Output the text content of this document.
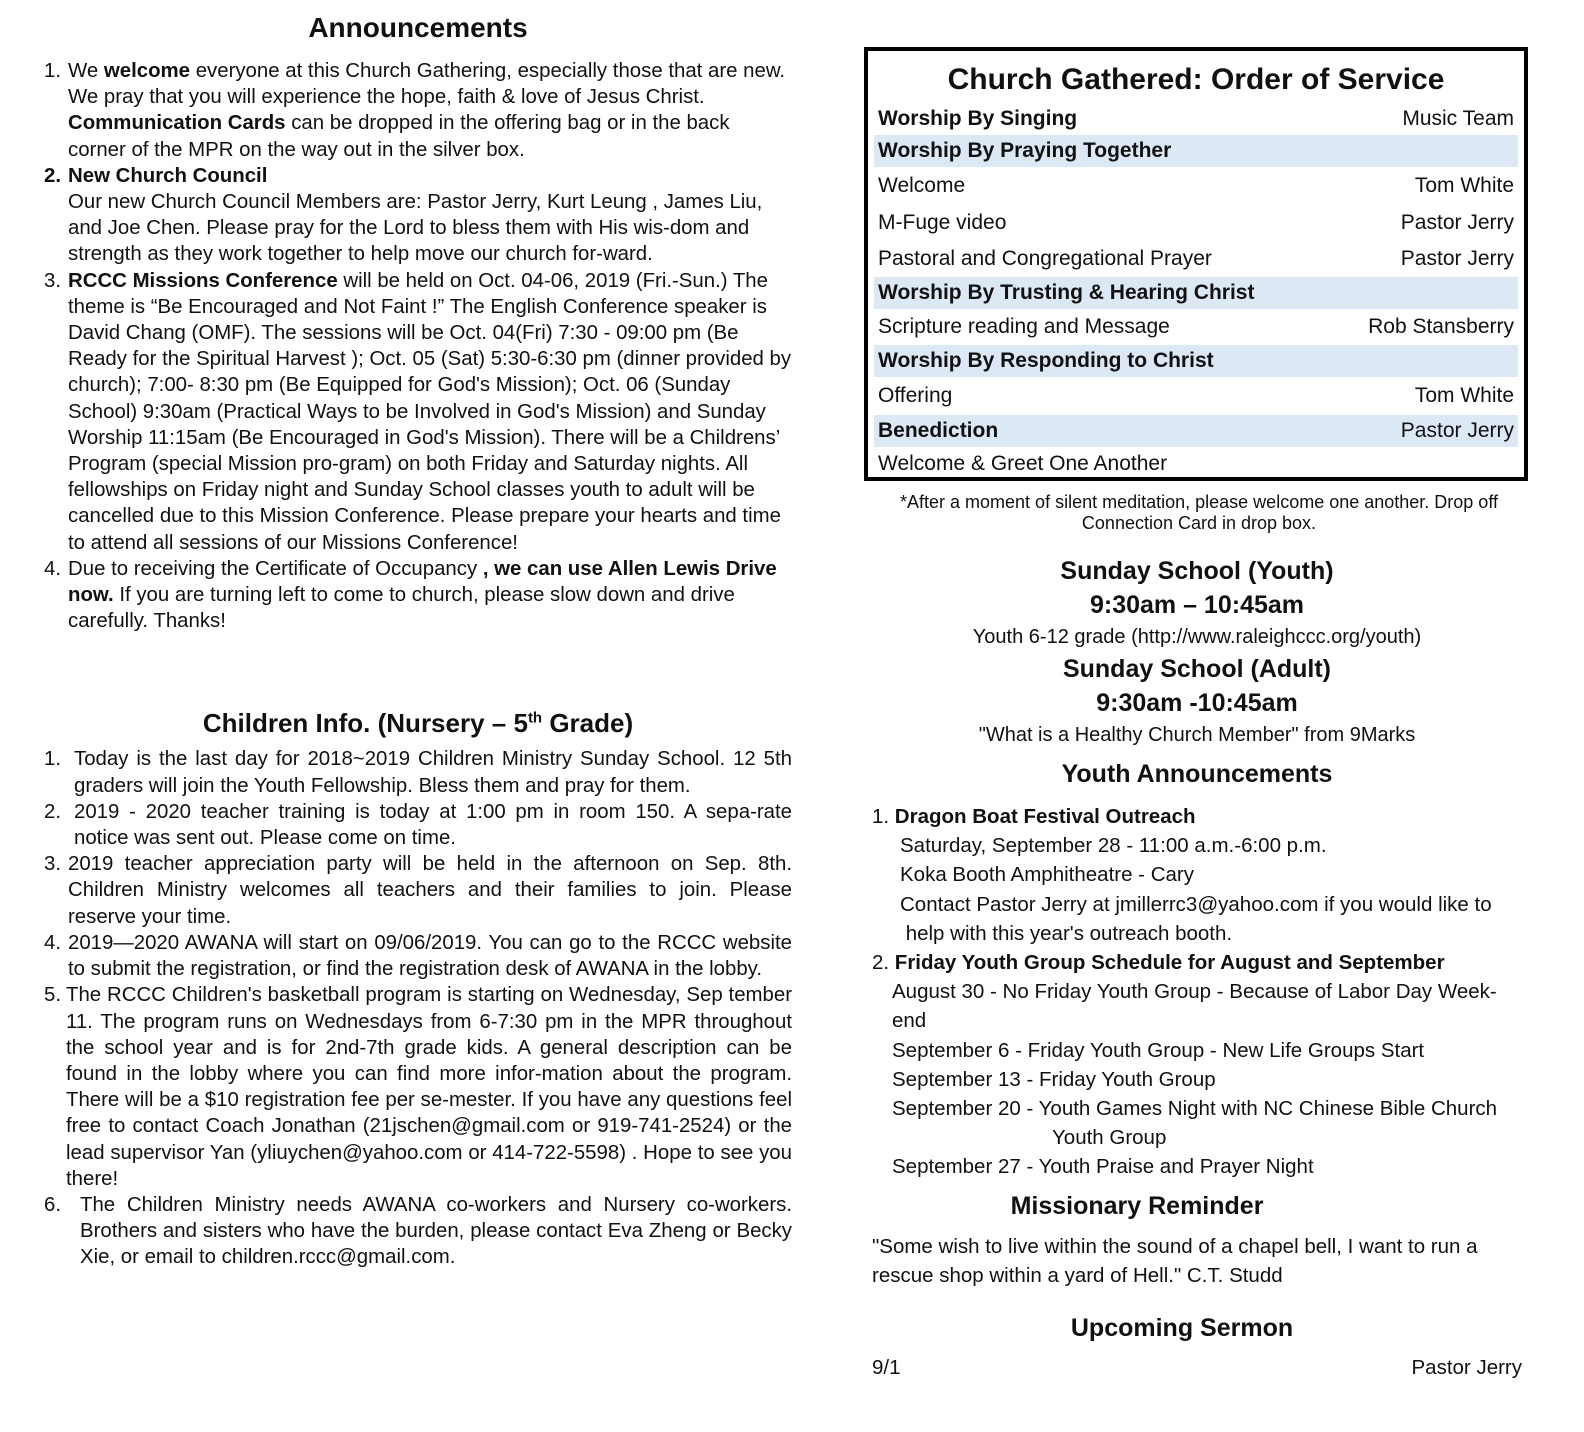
Announcements
1. We welcome everyone at this Church Gathering, especially those that are new. We pray that you will experience the hope, faith & love of Jesus Christ. Communication Cards can be dropped in the offering bag or in the back corner of the MPR on the way out in the silver box.
2. New Church Council
Our new Church Council Members are: Pastor Jerry, Kurt Leung , James Liu, and Joe Chen. Please pray for the Lord to bless them with His wis-dom and strength as they work together to help move our church for-ward.
3. RCCC Missions Conference will be held on Oct. 04-06, 2019 (Fri.-Sun.) The theme is “Be Encouraged and Not Faint !” The English Conference speaker is David Chang (OMF). The sessions will be Oct. 04(Fri) 7:30 - 09:00 pm (Be Ready for the Spiritual Harvest ); Oct. 05 (Sat) 5:30-6:30 pm (dinner provided by church); 7:00- 8:30 pm (Be Equipped for God's Mission); Oct. 06 (Sunday School) 9:30am (Practical Ways to be Involved in God's Mission) and Sunday Worship 11:15am (Be Encouraged in God's Mission). There will be a Childrens’ Program (special Mission pro-gram) on both Friday and Saturday nights. All fellowships on Friday night and Sunday School classes youth to adult will be cancelled due to this Mission Conference. Please prepare your hearts and time to attend all sessions of our Missions Conference!
4. Due to receiving the Certificate of Occupancy , we can use Allen Lewis Drive now. If you are turning left to come to church, please slow down and drive carefully. Thanks!
Children Info. (Nursery – 5th Grade)
1. Today is the last day for 2018~2019 Children Ministry Sunday School. 12 5th graders will join the Youth Fellowship. Bless them and pray for them.
2. 2019 - 2020 teacher training is today at 1:00 pm in room 150. A sepa-rate notice was sent out. Please come on time.
3. 2019 teacher appreciation party will be held in the afternoon on Sep. 8th. Children Ministry welcomes all teachers and their families to join. Please reserve your time.
4. 2019—2020 AWANA will start on 09/06/2019. You can go to the RCCC website to submit the registration, or find the registration desk of AWANA in the lobby.
5. The RCCC Children's basketball program is starting on Wednesday, Sep tember 11. The program runs on Wednesdays from 6-7:30 pm in the MPR throughout the school year and is for 2nd-7th grade kids. A general description can be found in the lobby where you can find more infor-mation about the program. There will be a $10 registration fee per se-mester. If you have any questions feel free to contact Coach Jonathan (21jschen@gmail.com or 919-741-2524) or the lead supervisor Yan (yliuychen@yahoo.com or 414-722-5598) . Hope to see you there!
6. The Children Ministry needs AWANA co-workers and Nursery co-workers. Brothers and sisters who have the burden, please contact Eva Zheng or Becky Xie, or email to children.rccc@gmail.com.
Church Gathered: Order of Service
Worship By Singing	Music Team
Worship By Praying Together
Welcome	Tom White
M-Fuge video	Pastor Jerry
Pastoral and Congregational Prayer	Pastor Jerry
Worship By Trusting & Hearing Christ
Scripture reading and Message	Rob Stansberry
Worship By Responding to Christ
Offering	Tom White
Benediction	Pastor Jerry
Welcome & Greet One Another
*After a moment of silent meditation, please welcome one another. Drop off Connection Card in drop box.
Sunday School (Youth)
9:30am – 10:45am

Youth 6-12 grade (http://www.raleighccc.org/youth)

Sunday School (Adult)
9:30am -10:45am

"What is a Healthy Church Member" from 9Marks

Youth Announcements
1. Dragon Boat Festival Outreach
Saturday, September 28 - 11:00 a.m.-6:00 p.m.
Koka Booth Amphitheatre - Cary
Contact Pastor Jerry at jmillerrc3@yahoo.com if you would like to
help with this year's outreach booth.
2. Friday Youth Group Schedule for August and September
August 30 - No Friday Youth Group - Because of Labor Day Week-
end
September 6 - Friday Youth Group - New Life Groups Start
September 13 - Friday Youth Group
September 20 - Youth Games Night with NC Chinese Bible Church
Youth Group
September 27 - Youth Praise and Prayer Night
Missionary Reminder
"Some wish to live within the sound of a chapel bell, I want to run a rescue shop within a yard of Hell." C.T. Studd
Upcoming Sermon
9/1	Pastor Jerry
